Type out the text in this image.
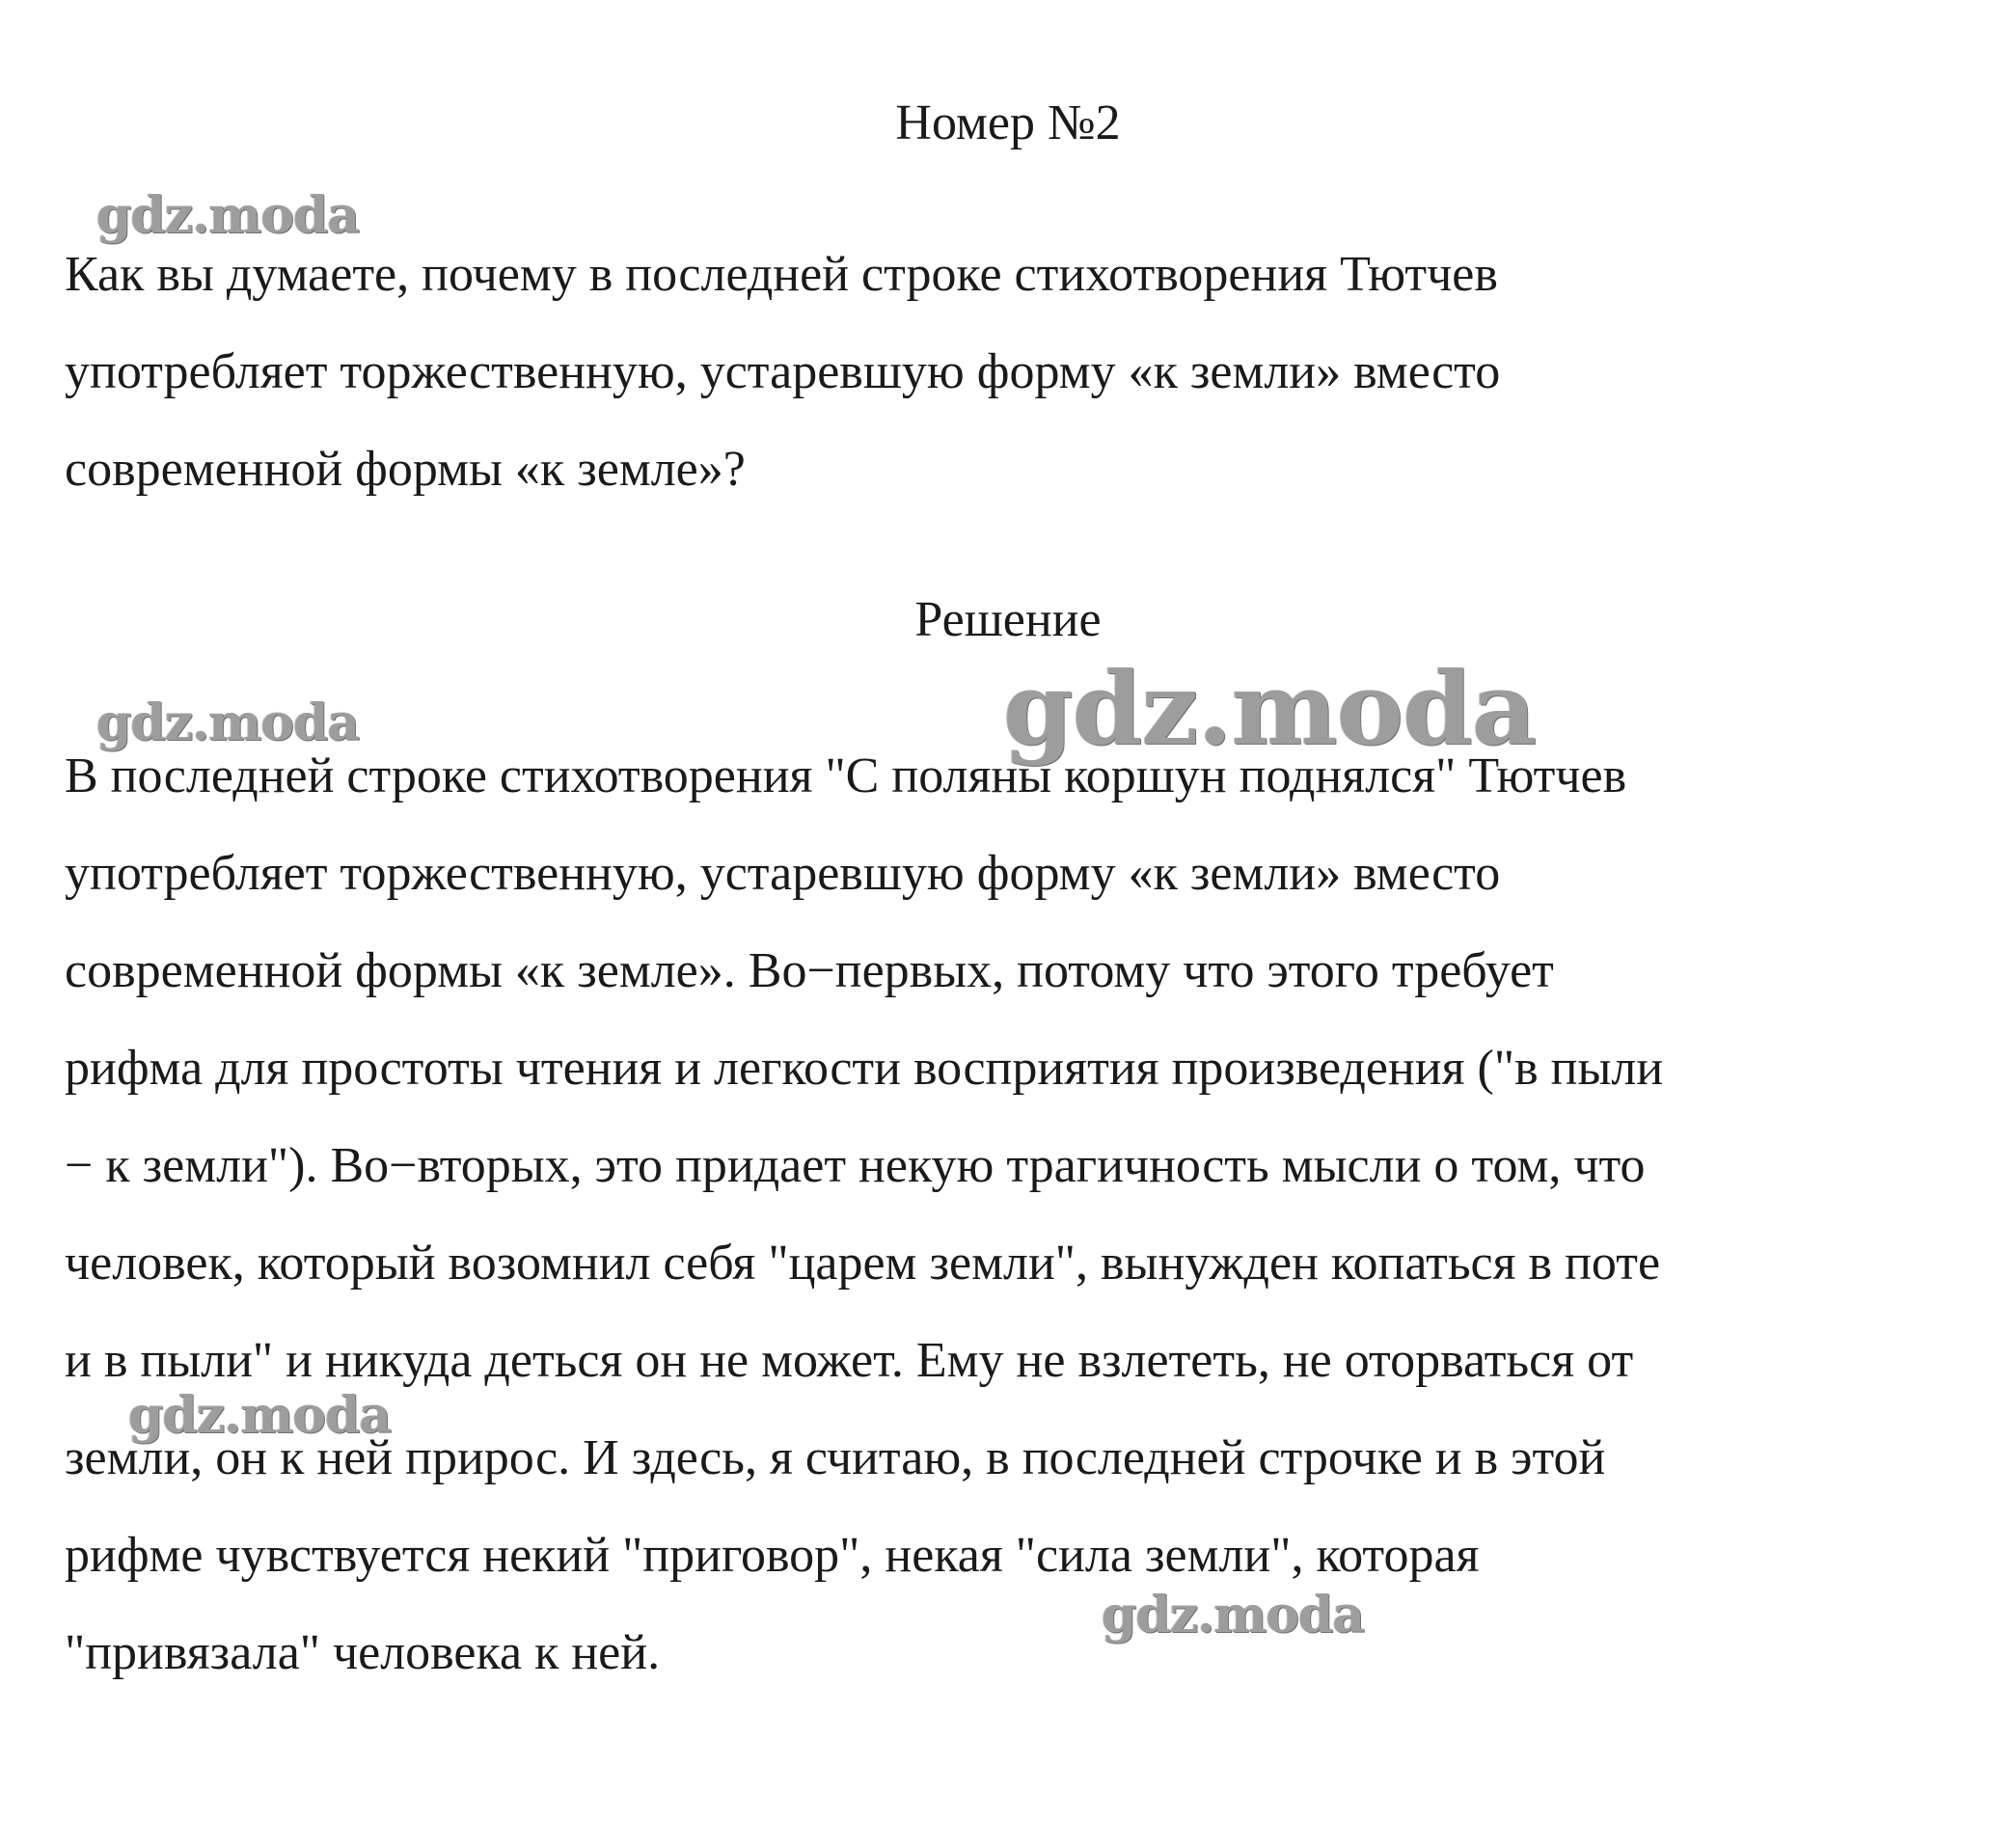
Номер №2
Как вы думаете, почему в последней строке стихотворения Тютчев
употребляет торжественную, устаревшую форму «к земли» вместо
современной формы «к земле»?
Решение
В последней строке стихотворения "С поляны коршун поднялся" Тютчев
употребляет торжественную, устаревшую форму «к земли» вместо
современной формы «к земле». Во−первых, потому что этого требует
рифма для простоты чтения и легкости восприятия произведения ("в пыли
− к земли"). Во−вторых, это придает некую трагичность мысли о том, что
человек, который возомнил себя "царем земли", вынужден копаться в поте
и в пыли" и никуда деться он не может. Ему не взлететь, не оторваться от
земли, он к ней прирос. И здесь, я считаю, в последней строчке и в этой
рифме чувствуется некий "приговор", некая "сила земли", которая
"привязала" человека к ней.
gdz.moda
gdz.moda	gdz.moda
gdz.moda
gdz.moda
